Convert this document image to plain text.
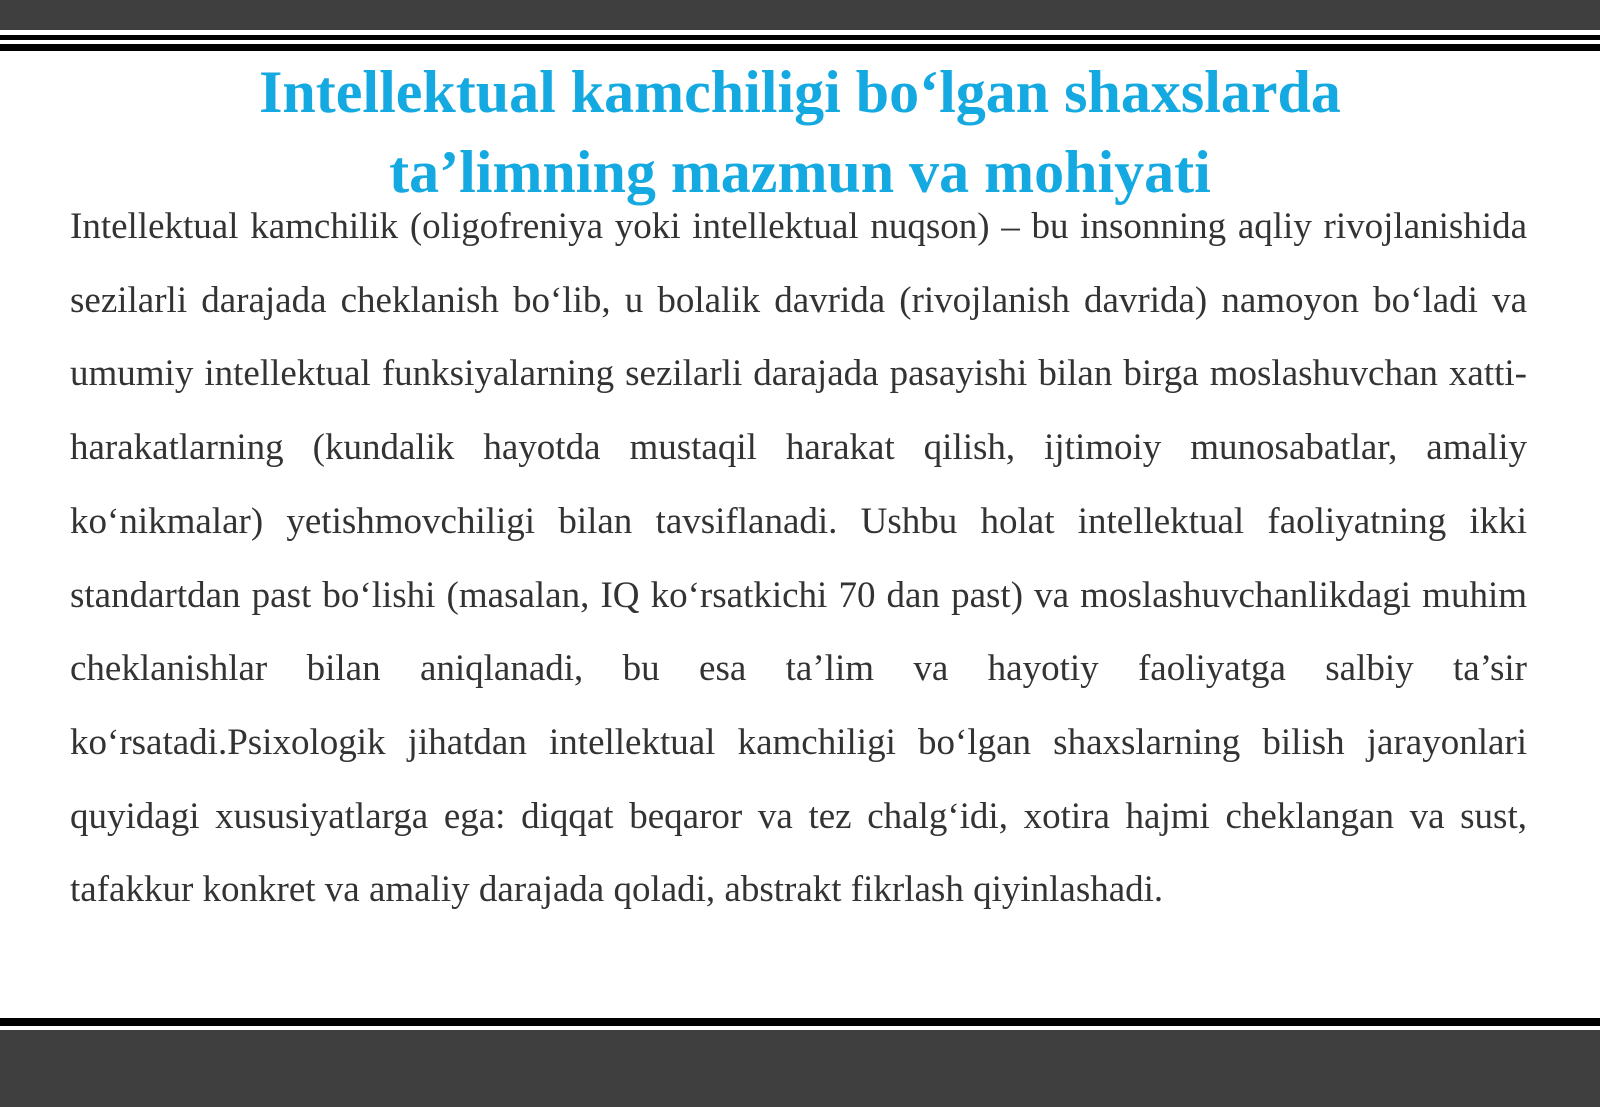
Intellektual kamchiligi bo‘lgan shaxslarda
ta’limning mazmun va mohiyati

Intellektual kamchilik (oligofreniya yoki intellektual nuqson) – bu insonning aqliy rivojlanishida sezilarli darajada cheklanish bo‘lib, u bolalik davrida (rivojlanish davrida) namoyon bo‘ladi va umumiy intellektual funksiyalarning sezilarli darajada pasayishi bilan birga moslashuvchan xatti-harakatlarning (kundalik hayotda mustaqil harakat qilish, ijtimoiy munosabatlar, amaliy ko‘nikmalar) yetishmovchiligi bilan tavsiflanadi. Ushbu holat intellektual faoliyatning ikki standartdan past bo‘lishi (masalan, IQ ko‘rsatkichi 70 dan past) va moslashuvchanlikdagi muhim cheklanishlar bilan aniqlanadi, bu esa ta’lim va hayotiy faoliyatga salbiy ta’sir ko‘rsatadi.Psixologik jihatdan intellektual kamchiligi bo‘lgan shaxslarning bilish jarayonlari quyidagi xususiyatlarga ega: diqqat beqaror va tez chalg‘idi, xotira hajmi cheklangan va sust, tafakkur konkret va amaliy darajada qoladi, abstrakt fikrlash qiyinlashadi.
